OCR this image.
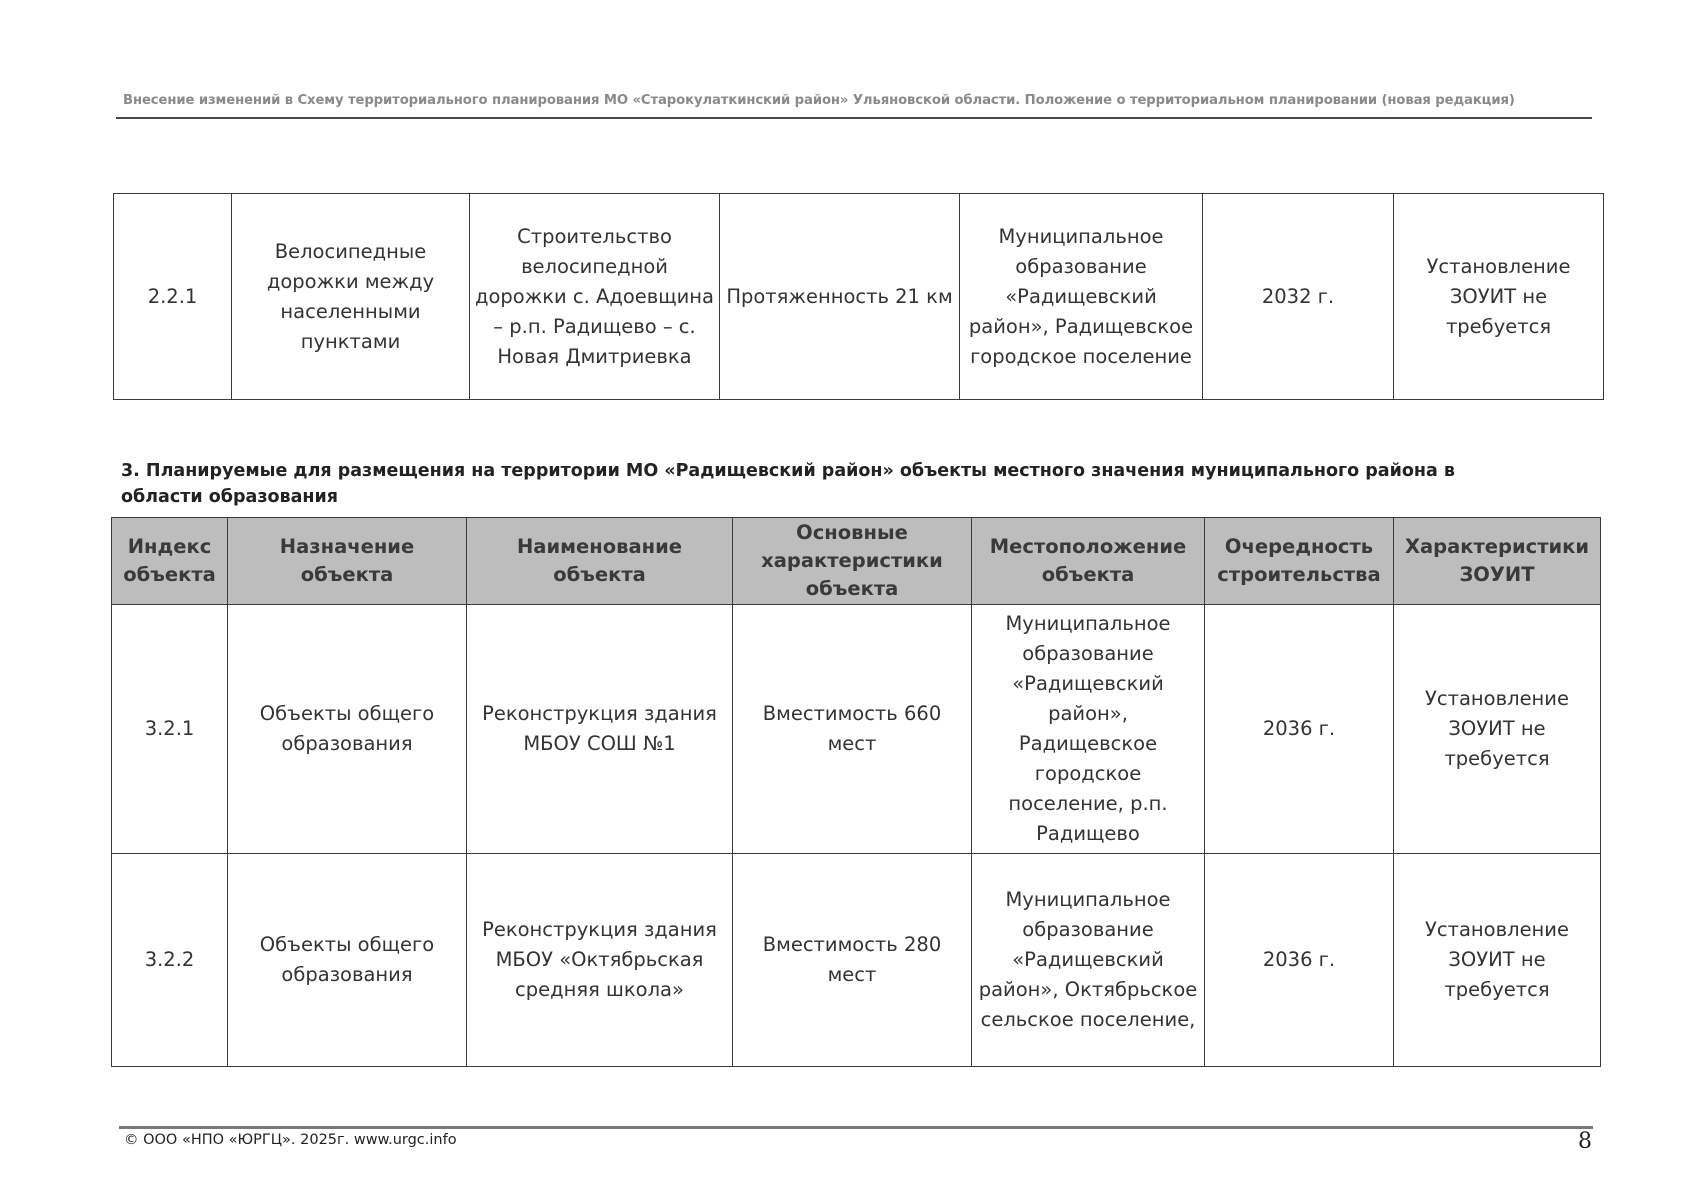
Внесение изменений в Схему территориального планирования МО «Старокулаткинский район» Ульяновской области. Положение о территориальном планировании (новая редакция)
2.2.1	Велосипедные дорожки между населенными пунктами	Строительство велосипедной дорожки с. Адоевщина – р.п. Радищево – с. Новая Дмитриевка	Протяженность 21 км	Муниципальное образование «Радищевский район», Радищевское городское поселение	2032 г.	Установление ЗОУИТ не требуется
3. Планируемые для размещения на территории МО «Радищевский район» объекты местного значения муниципального района в области образования
Индекс объекта	Назначение объекта	Наименование объекта	Основные характеристики объекта	Местоположение объекта	Очередность строительства	Характеристики ЗОУИТ
3.2.1	Объекты общего образования	Реконструкция здания МБОУ СОШ №1	Вместимость 660 мест	Муниципальное образование «Радищевский район», Радищевское городское поселение, р.п. Радищево	2036 г.	Установление ЗОУИТ не требуется
3.2.2	Объекты общего образования	Реконструкция здания МБОУ «Октябрьская средняя школа»	Вместимость 280 мест	Муниципальное образование «Радищевский район», Октябрьское сельское поселение,	2036 г.	Установление ЗОУИТ не требуется
© ООО «НПО «ЮРГЦ». 2025г. www.urgc.info	8
